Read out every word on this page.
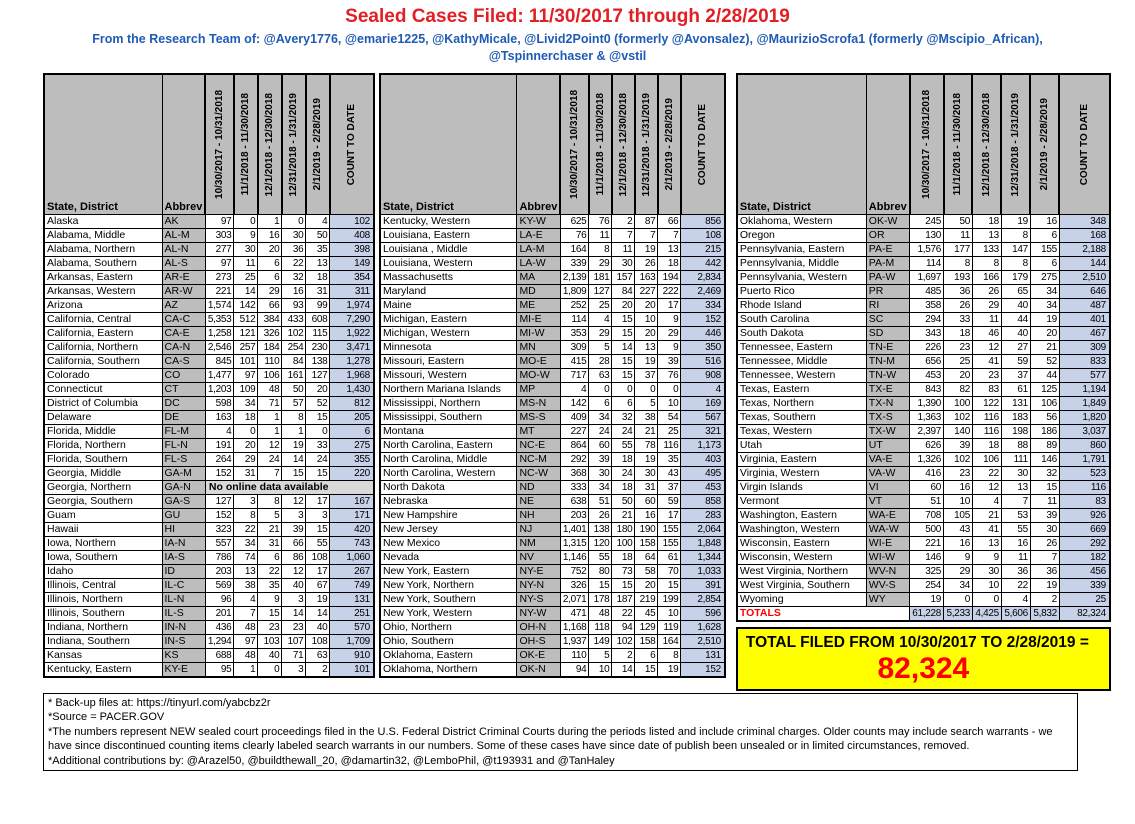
Sealed Cases Filed: 11/30/2017 through 2/28/2019
From the Research Team of: @Avery1776, @emarie1225, @KathyMicale, @Livid2Point0 (formerly @Avonsalez), @MaurizioScrofa1 (formerly @Mscipio_African),
@Tspinnerchaser & @vstil
State, District	Abbrev	10/30/2017 - 10/31/2018	11/1/2018 - 11/30/2018	12/1/2018 - 12/30/2018	12/31/2018 - 1/31/2019	2/1/2019 - 2/28/2019	COUNT TO DATE

Alaska	AK	97	0	1	0	4	102
Alabama, Middle	AL-M	303	9	16	30	50	408
Alabama, Northern	AL-N	277	30	20	36	35	398
Alabama, Southern	AL-S	97	11	6	22	13	149
Arkansas, Eastern	AR-E	273	25	6	32	18	354
Arkansas, Western	AR-W	221	14	29	16	31	311
Arizona	AZ	1,574	142	66	93	99	1,974
California, Central	CA-C	5,353	512	384	433	608	7,290
California, Eastern	CA-E	1,258	121	326	102	115	1,922
California, Northern	CA-N	2,546	257	184	254	230	3,471
California, Southern	CA-S	845	101	110	84	138	1,278
Colorado	CO	1,477	97	106	161	127	1,968
Connecticut	CT	1,203	109	48	50	20	1,430
District of Columbia	DC	598	34	71	57	52	812
Delaware	DE	163	18	1	8	15	205
Florida, Middle	FL-M	4	0	1	1	0	6
Florida, Northern	FL-N	191	20	12	19	33	275
Florida, Southern	FL-S	264	29	24	14	24	355
Georgia, Middle	GA-M	152	31	7	15	15	220
Georgia, Northern	GA-N	No online data available					
Georgia, Southern	GA-S	127	3	8	12	17	167
Guam	GU	152	8	5	3	3	171
Hawaii	HI	323	22	21	39	15	420
Iowa, Northern	IA-N	557	34	31	66	55	743
Iowa, Southern	IA-S	786	74	6	86	108	1,060
Idaho	ID	203	13	22	12	17	267
Illinois, Central	IL-C	569	38	35	40	67	749
Illinois, Northern	IL-N	96	4	9	3	19	131
Illinois, Southern	IL-S	201	7	15	14	14	251
Indiana, Northern	IN-N	436	48	23	23	40	570
Indiana, Southern	IN-S	1,294	97	103	107	108	1,709
Kansas	KS	688	48	40	71	63	910
Kentucky, Eastern	KY-E	95	1	0	3	2	101
State, District	Abbrev	10/30/2017 - 10/31/2018	11/1/2018 - 11/30/2018	12/1/2018 - 12/30/2018	12/31/2018 - 1/31/2019	2/1/2019 - 2/28/2019	COUNT TO DATE

Kentucky, Western	KY-W	625	76	2	87	66	856
Louisiana, Eastern	LA-E	76	11	7	7	7	108
Louisiana , Middle	LA-M	164	8	11	19	13	215
Louisiana, Western	LA-W	339	29	30	26	18	442
Massachusetts	MA	2,139	181	157	163	194	2,834
Maryland	MD	1,809	127	84	227	222	2,469
Maine	ME	252	25	20	20	17	334
Michigan, Eastern	MI-E	114	4	15	10	9	152
Michigan, Western	MI-W	353	29	15	20	29	446
Minnesota	MN	309	5	14	13	9	350
Missouri, Eastern	MO-E	415	28	15	19	39	516
Missouri, Western	MO-W	717	63	15	37	76	908
Northern Mariana Islands	MP	4	0	0	0	0	4
Mississippi, Northern	MS-N	142	6	6	5	10	169
Mississippi, Southern	MS-S	409	34	32	38	54	567
Montana	MT	227	24	24	21	25	321
North Carolina, Eastern	NC-E	864	60	55	78	116	1,173
North Carolina, Middle	NC-M	292	39	18	19	35	403
North Carolina, Western	NC-W	368	30	24	30	43	495
North Dakota	ND	333	34	18	31	37	453
Nebraska	NE	638	51	50	60	59	858
New Hampshire	NH	203	26	21	16	17	283
New Jersey	NJ	1,401	138	180	190	155	2,064
New Mexico	NM	1,315	120	100	158	155	1,848
Nevada	NV	1,146	55	18	64	61	1,344
New York, Eastern	NY-E	752	80	73	58	70	1,033
New York, Northern	NY-N	326	15	15	20	15	391
New York, Southern	NY-S	2,071	178	187	219	199	2,854
New York, Western	NY-W	471	48	22	45	10	596
Ohio, Northern	OH-N	1,168	118	94	129	119	1,628
Ohio, Southern	OH-S	1,937	149	102	158	164	2,510
Oklahoma, Eastern	OK-E	110	5	2	6	8	131
Oklahoma, Northern	OK-N	94	10	14	15	19	152
State, District	Abbrev	10/30/2017 - 10/31/2018	11/1/2018 - 11/30/2018	12/1/2018 - 12/30/2018	12/31/2018 - 1/31/2019	2/1/2019 - 2/28/2019	COUNT TO DATE

Oklahoma, Western	OK-W	245	50	18	19	16	348
Oregon	OR	130	11	13	8	6	168
Pennsylvania, Eastern	PA-E	1,576	177	133	147	155	2,188
Pennsylvania, Middle	PA-M	114	8	8	8	6	144
Pennsylvania, Western	PA-W	1,697	193	166	179	275	2,510
Puerto Rico	PR	485	36	26	65	34	646
Rhode Island	RI	358	26	29	40	34	487
South Carolina	SC	294	33	11	44	19	401
South Dakota	SD	343	18	46	40	20	467
Tennessee, Eastern	TN-E	226	23	12	27	21	309
Tennessee, Middle	TN-M	656	25	41	59	52	833
Tennessee, Western	TN-W	453	20	23	37	44	577
Texas, Eastern	TX-E	843	82	83	61	125	1,194
Texas, Northern	TX-N	1,390	100	122	131	106	1,849
Texas, Southern	TX-S	1,363	102	116	183	56	1,820
Texas, Western	TX-W	2,397	140	116	198	186	3,037
Utah	UT	626	39	18	88	89	860
Virginia, Eastern	VA-E	1,326	102	106	111	146	1,791
Virginia, Western	VA-W	416	23	22	30	32	523
Virgin Islands	VI	60	16	12	13	15	116
Vermont	VT	51	10	4	7	11	83
Washington, Eastern	WA-E	708	105	21	53	39	926
Washington, Western	WA-W	500	43	41	55	30	669
Wisconsin, Eastern	WI-E	221	16	13	16	26	292
Wisconsin, Western	WI-W	146	9	9	11	7	182
West Virginia, Northern	WV-N	325	29	30	36	36	456
West Virginia, Southern	WV-S	254	34	10	22	19	339
Wyoming	WY	19	0	0	4	2	25
TOTALS		61,228	5,233	4,425	5,606	5,832	82,324
TOTAL FILED FROM 10/30/2017 TO 2/28/2019 =
82,324
* Back-up files at: https://tinyurl.com/yabcbz2r
*Source = PACER.GOV
*The numbers represent NEW sealed court proceedings filed in the U.S. Federal District Criminal Courts during the periods listed and include criminal charges. Older counts may include search warrants - we have since discontinued counting items clearly labeled search warrants in our numbers. Some of these cases have since date of publish been unsealed or in limited circumstances, removed.
*Additional contributions by: @Arazel50, @buildthewall_20, @damartin32, @LemboPhil, @t193931 and @TanHaley
